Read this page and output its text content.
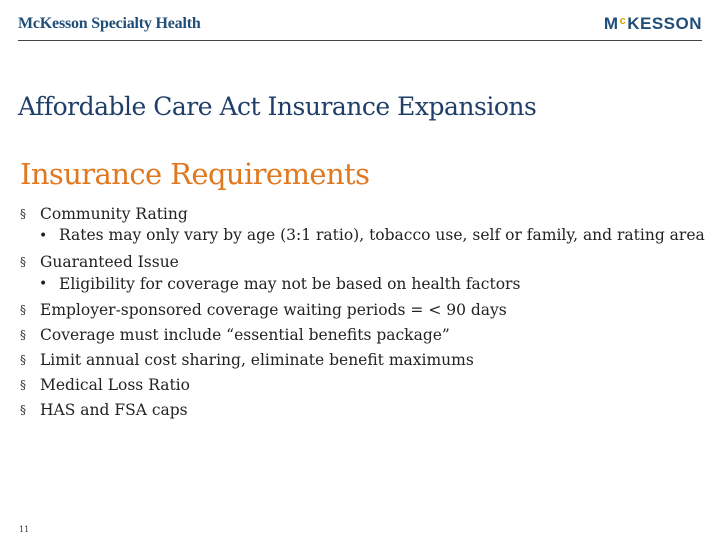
McKesson Specialty Health	$M^cKESSON$
Affordable Care Act Insurance Expansions
Insurance Requirements
§ Community Rating
• Rates may only vary by age (3:1 ratio), tobacco use, self or family, and rating area
§ Guaranteed Issue
• Eligibility for coverage may not be based on health factors
§ Employer-sponsored coverage waiting periods = < 90 days
§ Coverage must include “essential benefits package”
§ Limit annual cost sharing, eliminate benefit maximums
§ Medical Loss Ratio
§ HAS and FSA caps
11
